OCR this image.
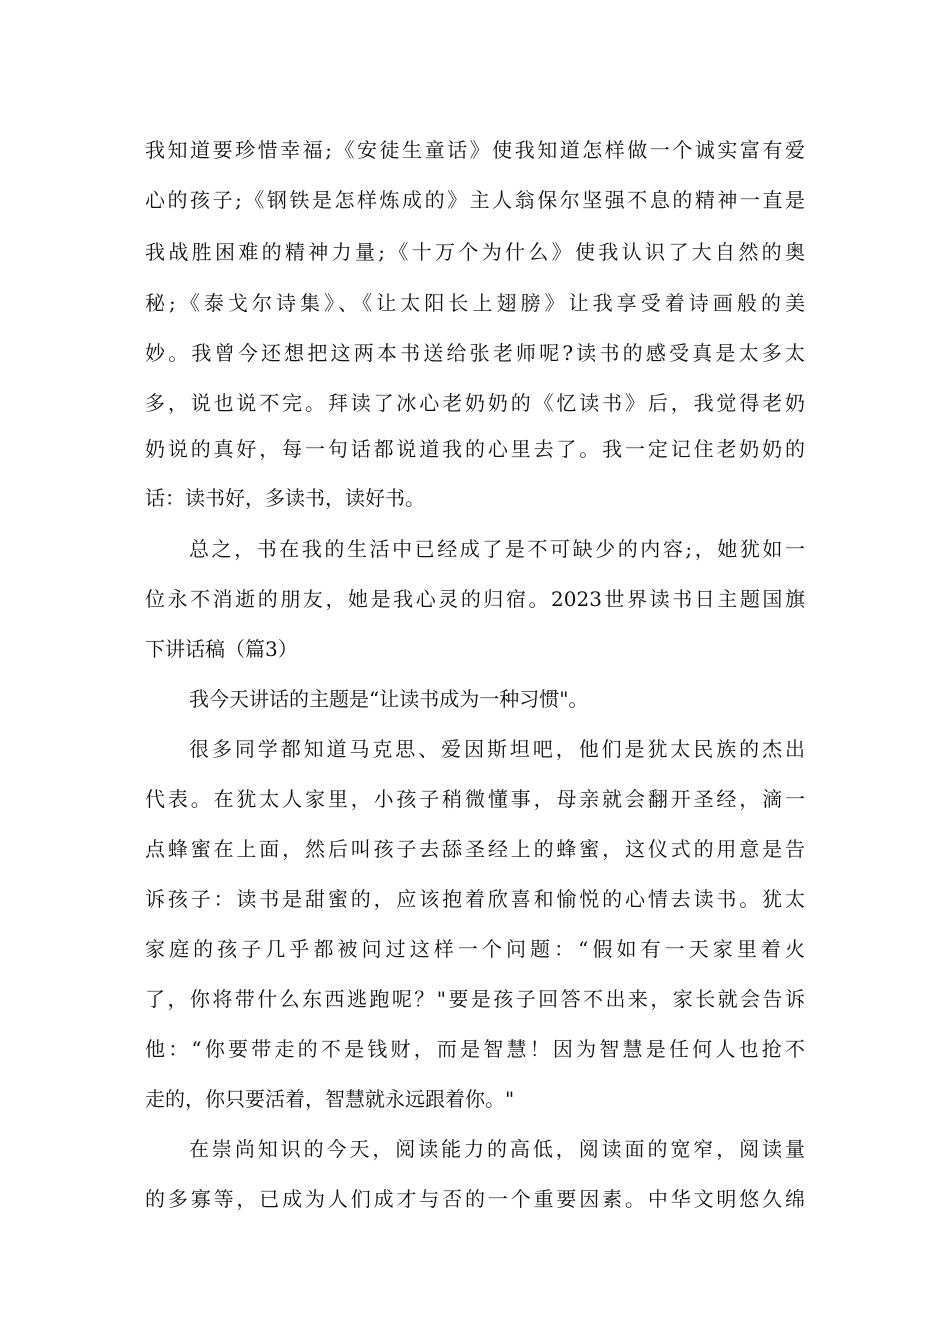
我知道要珍惜幸福;《安徒生童话》使我知道怎样做一个诚实富有爱
心的孩子;《钢铁是怎样炼成的》主人翁保尔坚强不息的精神一直是
我战胜困难的精神力量;《十万个为什么》使我认识了大自然的奥
秘;《泰戈尔诗集》、《让太阳长上翅膀》让我享受着诗画般的美
妙。我曾今还想把这两本书送给张老师呢?读书的感受真是太多太
多，说也说不完。拜读了冰心老奶奶的《忆读书》后，我觉得老奶
奶说的真好，每一句话都说道我的心里去了。我一定记住老奶奶的
话：读书好，多读书，读好书。
总之，书在我的生活中已经成了是不可缺少的内容;，她犹如一
位永不消逝的朋友，她是我心灵的归宿。2023世界读书日主题国旗
下讲话稿（篇3）
我今天讲话的主题是“让读书成为一种习惯"。
很多同学都知道马克思、爱因斯坦吧，他们是犹太民族的杰出
代表。在犹太人家里，小孩子稍微懂事，母亲就会翻开圣经，滴一
点蜂蜜在上面，然后叫孩子去舔圣经上的蜂蜜，这仪式的用意是告
诉孩子：读书是甜蜜的，应该抱着欣喜和愉悦的心情去读书。犹太
家庭的孩子几乎都被问过这样一个问题：“假如有一天家里着火
了，你将带什么东西逃跑呢？"要是孩子回答不出来，家长就会告诉
他：“你要带走的不是钱财，而是智慧！因为智慧是任何人也抢不
走的，你只要活着，智慧就永远跟着你。"
在崇尚知识的今天，阅读能力的高低，阅读面的宽窄，阅读量
的多寡等，已成为人们成才与否的一个重要因素。中华文明悠久绵
